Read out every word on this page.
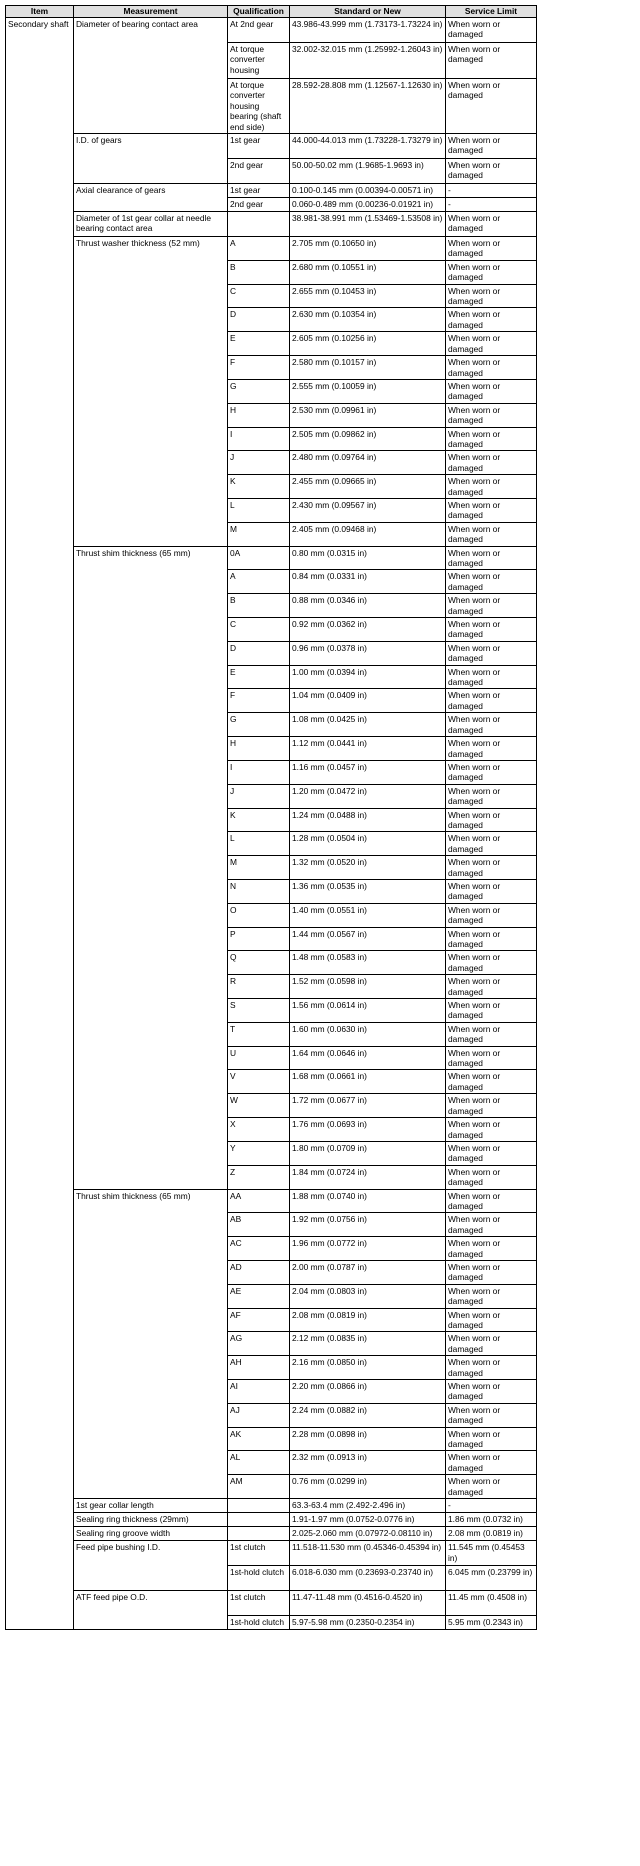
Item	Measurement	Qualification	Standard or New	Service Limit
Secondary shaft	Diameter of bearing contact area	At 2nd gear	43.986-43.999 mm (1.73173-1.73224 in)	When worn or damaged
		At torque converter housing	32.002-32.015 mm (1.25992-1.26043 in)	When worn or damaged
		At torque converter housing bearing (shaft end side)	28.592-28.808 mm (1.12567-1.12630 in)	When worn or damaged
	I.D. of gears	1st gear	44.000-44.013 mm (1.73228-1.73279 in)	When worn or damaged
		2nd gear	50.00-50.02 mm (1.9685-1.9693 in)	When worn or damaged
	Axial clearance of gears	1st gear	0.100-0.145 mm (0.00394-0.00571 in)	-
		2nd gear	0.060-0.489 mm (0.00236-0.01921 in)	-
	Diameter of 1st gear collar at needle bearing contact area		38.981-38.991 mm (1.53469-1.53508 in)	When worn or damaged
	Thrust washer thickness (52 mm)	A	2.705 mm (0.10650 in)	When worn or damaged
		B	2.680 mm (0.10551 in)	When worn or damaged
		C	2.655 mm (0.10453 in)	When worn or damaged
		D	2.630 mm (0.10354 in)	When worn or damaged
		E	2.605 mm (0.10256 in)	When worn or damaged
		F	2.580 mm (0.10157 in)	When worn or damaged
		G	2.555 mm (0.10059 in)	When worn or damaged
		H	2.530 mm (0.09961 in)	When worn or damaged
		I	2.505 mm (0.09862 in)	When worn or damaged
		J	2.480 mm (0.09764 in)	When worn or damaged
		K	2.455 mm (0.09665 in)	When worn or damaged
		L	2.430 mm (0.09567 in)	When worn or damaged
		M	2.405 mm (0.09468 in)	When worn or damaged
	Thrust shim thickness (65 mm)	0A	0.80 mm (0.0315 in)	When worn or damaged
		A	0.84 mm (0.0331 in)	When worn or damaged
		B	0.88 mm (0.0346 in)	When worn or damaged
		C	0.92 mm (0.0362 in)	When worn or damaged
		D	0.96 mm (0.0378 in)	When worn or damaged
		E	1.00 mm (0.0394 in)	When worn or damaged
		F	1.04 mm (0.0409 in)	When worn or damaged
		G	1.08 mm (0.0425 in)	When worn or damaged
		H	1.12 mm (0.0441 in)	When worn or damaged
		I	1.16 mm (0.0457 in)	When worn or damaged
		J	1.20 mm (0.0472 in)	When worn or damaged
		K	1.24 mm (0.0488 in)	When worn or damaged
		L	1.28 mm (0.0504 in)	When worn or damaged
		M	1.32 mm (0.0520 in)	When worn or damaged
		N	1.36 mm (0.0535 in)	When worn or damaged
		O	1.40 mm (0.0551 in)	When worn or damaged
		P	1.44 mm (0.0567 in)	When worn or damaged
		Q	1.48 mm (0.0583 in)	When worn or damaged
		R	1.52 mm (0.0598 in)	When worn or damaged
		S	1.56 mm (0.0614 in)	When worn or damaged
		T	1.60 mm (0.0630 in)	When worn or damaged
		U	1.64 mm (0.0646 in)	When worn or damaged
		V	1.68 mm (0.0661 in)	When worn or damaged
		W	1.72 mm (0.0677 in)	When worn or damaged
		X	1.76 mm (0.0693 in)	When worn or damaged
		Y	1.80 mm (0.0709 in)	When worn or damaged
		Z	1.84 mm (0.0724 in)	When worn or damaged
	Thrust shim thickness (65 mm)	AA	1.88 mm (0.0740 in)	When worn or damaged
		AB	1.92 mm (0.0756 in)	When worn or damaged
		AC	1.96 mm (0.0772 in)	When worn or damaged
		AD	2.00 mm (0.0787 in)	When worn or damaged
		AE	2.04 mm (0.0803 in)	When worn or damaged
		AF	2.08 mm (0.0819 in)	When worn or damaged
		AG	2.12 mm (0.0835 in)	When worn or damaged
		AH	2.16 mm (0.0850 in)	When worn or damaged
		AI	2.20 mm (0.0866 in)	When worn or damaged
		AJ	2.24 mm (0.0882 in)	When worn or damaged
		AK	2.28 mm (0.0898 in)	When worn or damaged
		AL	2.32 mm (0.0913 in)	When worn or damaged
		AM	0.76 mm (0.0299 in)	When worn or damaged
	1st gear collar length		63.3-63.4 mm (2.492-2.496 in)	-
	Sealing ring thickness (29mm)		1.91-1.97 mm (0.0752-0.0776 in)	1.86 mm (0.0732 in)
	Sealing ring groove width		2.025-2.060 mm (0.07972-0.08110 in)	2.08 mm (0.0819 in)
	Feed pipe bushing I.D.	1st clutch	11.518-11.530 mm (0.45346-0.45394 in)	11.545 mm (0.45453 in)
		1st-hold clutch	6.018-6.030 mm (0.23693-0.23740 in)	6.045 mm (0.23799 in)
	ATF feed pipe O.D.	1st clutch	11.47-11.48 mm (0.4516-0.4520 in)	11.45 mm (0.4508 in)
		1st-hold clutch	5.97-5.98 mm (0.2350-0.2354 in)	5.95 mm (0.2343 in)
